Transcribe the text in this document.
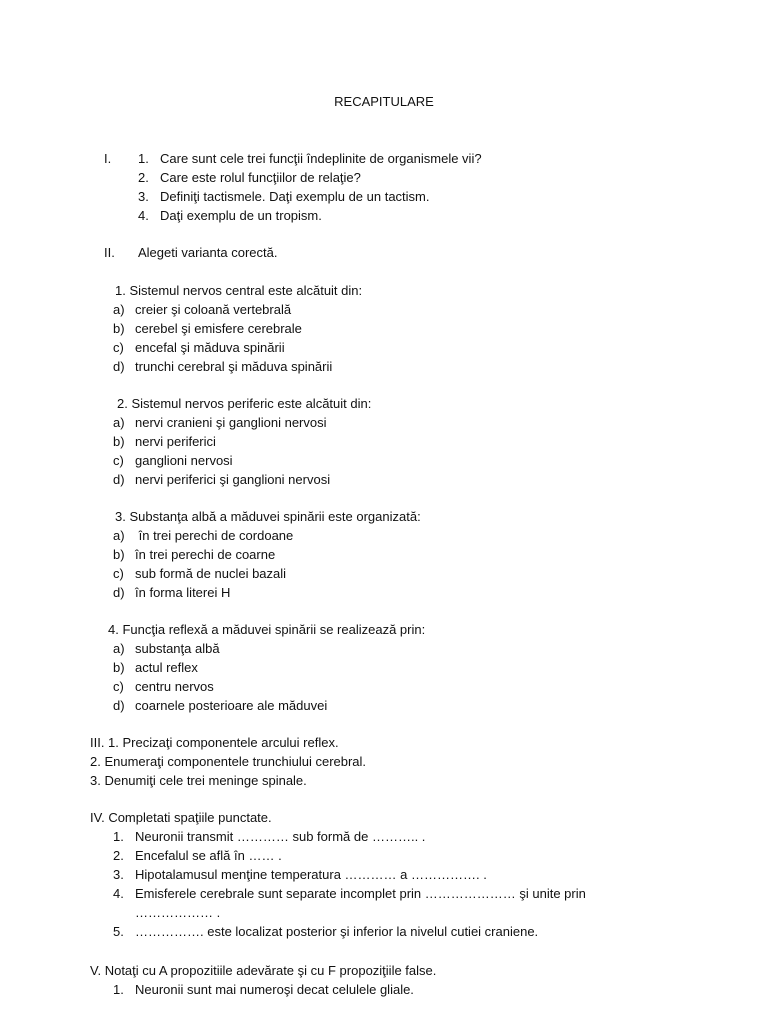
RECAPITULARE
I.	1. Care sunt cele trei funcţii îndeplinite de organismele vii?
2. Care este rolul funcţiilor de relaţie?
3. Definiţi tactismele. Daţi exemplu de un tactism.
4. Daţi exemplu de un tropism.
II.	Alegeti varianta corectă.
1. Sistemul nervos central este alcătuit din:
a) creier şi coloană vertebrală
b) cerebel şi emisfere cerebrale
c) encefal şi măduva spinării
d) trunchi cerebral şi măduva spinării
2. Sistemul nervos periferic este alcătuit din:
a) nervi cranieni şi ganglioni nervosi
b) nervi periferici
c) ganglioni nervosi
d) nervi periferici şi ganglioni nervosi
3. Substanţa albă a măduvei spinării este organizată:
a) în trei perechi de cordoane
b) în trei perechi de coarne
c) sub formă de nuclei bazali
d) în forma literei H
4. Funcţia reflexă a măduvei spinării se realizează prin:
a) substanţa albă
b) actul reflex
c) centru nervos
d) coarnele posterioare ale măduvei
III. 1. Precizaţi componentele arcului reflex.
2. Enumeraţi componentele trunchiului cerebral.
3. Denumiţi cele trei meninge spinale.
IV. Completati spaţiile punctate.
1. Neuronii transmit ………… sub formă de ……….. .
2. Encefalul se află în …… .
3. Hipotalamusul menţine temperatura ………… a ……………. .
4. Emisferele cerebrale sunt separate incomplet prin ………………… şi unite prin
……………… .
5. ……………. este localizat posterior şi inferior la nivelul cutiei craniene.
V. Notaţi cu A propozitiile adevărate şi cu F propoziţiile false.
1. Neuronii sunt mai numeroşi decat celulele gliale.
